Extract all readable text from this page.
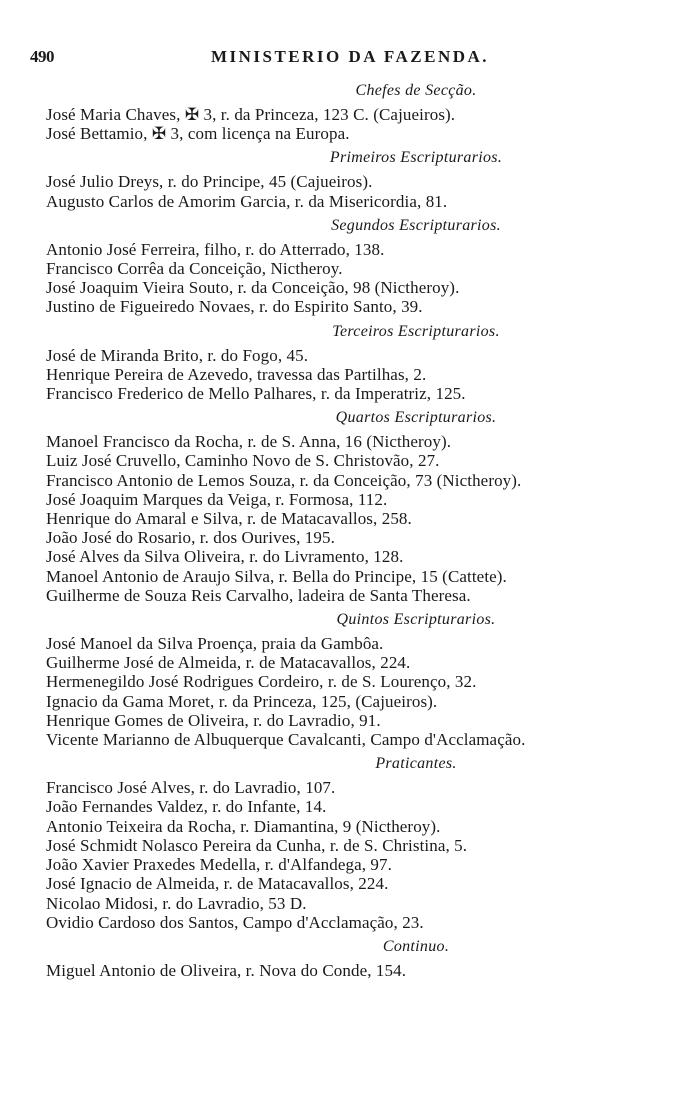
490	MINISTERIO DA FAZENDA.
Chefes de Secção.
José Maria Chaves, ✠ 3, r. da Princeza, 123 C. (Cajueiros).
José Bettamio, ✠ 3, com licença na Europa.
Primeiros Escripturarios.
José Julio Dreys, r. do Principe, 45 (Cajueiros).
Augusto Carlos de Amorim Garcia, r. da Misericordia, 81.
Segundos Escripturarios.
Antonio José Ferreira, filho, r. do Atterrado, 138.
Francisco Corrêa da Conceição, Nictheroy.
José Joaquim Vieira Souto, r. da Conceição, 98 (Nictheroy).
Justino de Figueiredo Novaes, r. do Espirito Santo, 39.
Terceiros Escripturarios.
José de Miranda Brito, r. do Fogo, 45.
Henrique Pereira de Azevedo, travessa das Partilhas, 2.
Francisco Frederico de Mello Palhares, r. da Imperatriz, 125.
Quartos Escripturarios.
Manoel Francisco da Rocha, r. de S. Anna, 16 (Nictheroy).
Luiz José Cruvello, Caminho Novo de S. Christovão, 27.
Francisco Antonio de Lemos Souza, r. da Conceição, 73 (Nictheroy).
José Joaquim Marques da Veiga, r. Formosa, 112.
Henrique do Amaral e Silva, r. de Matacavallos, 258.
João José do Rosario, r. dos Ourives, 195.
José Alves da Silva Oliveira, r. do Livramento, 128.
Manoel Antonio de Araujo Silva, r. Bella do Principe, 15 (Cattete).
Guilherme de Souza Reis Carvalho, ladeira de Santa Theresa.
Quintos Escripturarios.
José Manoel da Silva Proença, praia da Gambôa.
Guilherme José de Almeida, r. de Matacavallos, 224.
Hermenegildo José Rodrigues Cordeiro, r. de S. Lourenço, 32.
Ignacio da Gama Moret, r. da Princeza, 125, (Cajueiros).
Henrique Gomes de Oliveira, r. do Lavradio, 91.
Vicente Marianno de Albuquerque Cavalcanti, Campo d'Acclamação.
Praticantes.
Francisco José Alves, r. do Lavradio, 107.
João Fernandes Valdez, r. do Infante, 14.
Antonio Teixeira da Rocha, r. Diamantina, 9 (Nictheroy).
José Schmidt Nolasco Pereira da Cunha, r. de S. Christina, 5.
João Xavier Praxedes Medella, r. d'Alfandega, 97.
José Ignacio de Almeida, r. de Matacavallos, 224.
Nicolao Midosi, r. do Lavradio, 53 D.
Ovidio Cardoso dos Santos, Campo d'Acclamação, 23.
Continuo.
Miguel Antonio de Oliveira, r. Nova do Conde, 154.
